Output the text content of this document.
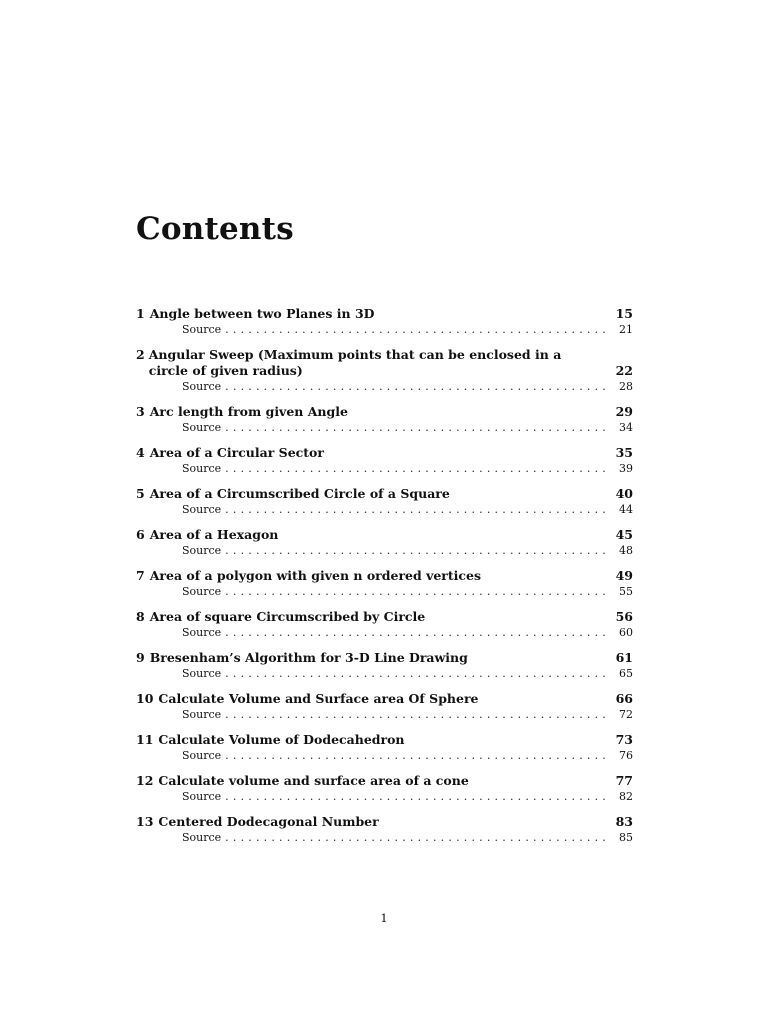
Contents
1 Angle between two Planes in 3D	15
Source .....	21
2 Angular Sweep (Maximum points that can be enclosed in a circle of given radius)	22
Source .....	28
3 Arc length from given Angle	29
Source .....	34
4 Area of a Circular Sector	35
Source .....	39
5 Area of a Circumscribed Circle of a Square	40
Source .....	44
6 Area of a Hexagon	45
Source .....	48
7 Area of a polygon with given n ordered vertices	49
Source .....	55
8 Area of square Circumscribed by Circle	56
Source .....	60
9 Bresenham’s Algorithm for 3-D Line Drawing	61
Source .....	65
10 Calculate Volume and Surface area Of Sphere	66
Source .....	72
11 Calculate Volume of Dodecahedron	73
Source .....	76
12 Calculate volume and surface area of a cone	77
Source .....	82
13 Centered Dodecagonal Number	83
Source .....	85
1
